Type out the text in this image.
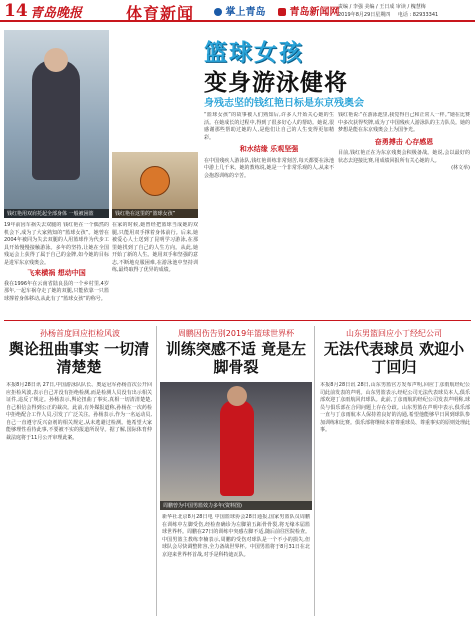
14 青岛晚报	体育新闻	掌上青岛	青岛新闻网
责编 / 李强 美编 / 王日成 审读 / 槐慧梅
2019年8月29日星期四 电话 : 82933341
钱红艳用双肩托起全部身体 一般被困篮	钱红艳在这里的“篮球女孩”
篮球女孩
变身游泳健将
身残志坚的钱红艳日标是东京残奥会

19年前因车祸失去双腿的 钱红艳在一个偶然的机会下,成为了大家熟知的“篮球女孩”。她曾在2004年被同为失去双腿的人用篮球作为代步工具开始慢慢接触游泳。多年的坚持,让她在全国残运会上获得了属于自己的金牌,如今她的目标是进军东京残奥会。

飞来横祸 想动中国

我在1996年在云南省陆良县的一个乡村里,4岁那年,一起车祸夺走了她的双腿,只能依靠一只篮球撑着身体移动,从此有了“篮球女孩”的称号。

在家的时候,她曾经把篮球当成她的双腿,只能用双手撑着身体前行。后来,她被爱心人士送到了昆明学习游泳,在那里她找到了自己的人生方向。从此,她开始了新的人生。她用双手和坚强的意志,不断地克服困难,在游泳池中坚持训练,最终取得了优异的成绩。

“篮球女孩”的故事被人们熟知后,许多人开始关心她的生活。在她成长的过程中,得到了很多好心人的帮助。她说,很感谢那些帮助过她的人,是他们让自己的人生变得更加精彩。

和水结缘 乐观坚强

在中国残疾人游泳队,钱红艳训练非常刻苦,每天都要在泳池中游上几千米。她的教练说,她是一个非常乐观的人,从来不会抱怨训练的辛苦。

钱红艳说:“在游泳池里,我觉得自己和正常人一样。”她在比赛中多次获得奖牌,成为了中国残疾人游泳队的主力队员。她的梦想是能在东京残奥会上为国争光。

奋勇搏击 心存感恩

目前,钱红艳正在为东京残奥会积极备战。她说,会以最好的状态去迎接比赛,用成绩回报所有关心她的人。

(林文举)

孙杨首度回应拒检风波
舆论扭曲事实 一切清清楚楚
本报8月28日讯 27日,中国游泳队队长、奥运冠军孙杨首次公开回应拒检风波,表示自己并没有拒绝检测,而是检测人员没有出示相关证件,违反了规定。孙杨表示,舆论扭曲了事实,真相一切清清楚楚,自己相信会得到公正的裁决。此前,有外媒报道称,孙杨在一次药检中拒绝配合工作人员,引发了广泛关注。孙杨表示,作为一名运动员,自己一直遵守反兴奋剂的相关规定,从未逃避过检测。他希望大家能够理性看待此事,不要被不实的报道所误导。据了解,国际体育仲裁法庭将于11月公开审理此案。
周鹏因伤告别2019年篮球世界杯
训练突感不适 竟是左脚骨裂
周鹏曾为中国男篮效力多年(资料图)
新华社北京8月28日电 中国篮球协会28日通报,国家男篮队员周鹏在训练中左脚受伤,经检查确诊为左脚第五跖骨骨裂,将无缘本届篮球世界杯。周鹏在27日的训练中突感左脚不适,随后前往医院检查。中国男篮主教练李楠表示,周鹏的受伤对球队是一个不小的损失,但球队会尽快调整阵容,全力备战世界杯。中国男篮将于8月31日在北京迎来世界杯首战,对手是科特迪瓦队。
山东男篮回应小丁经纪公司
无法代表球员 欢迎小丁回归
本报8月28日讯 28日,山东男篮官方发布声明,回应丁彦雨航经纪公司此前发表的声明。山东男篮表示,经纪公司无法代表球员本人,俱乐部欢迎丁彦雨航回归球队。此前,丁彦雨航的经纪公司发表声明称,球员与俱乐部在合同问题上存在分歧。山东男篮在声明中表示,俱乐部一直与丁彦雨航本人保持着良好的沟通,希望他能够早日回到球队参加训练和比赛。俱乐部将继续本着尊重球员、尊重事实的原则处理此事。
